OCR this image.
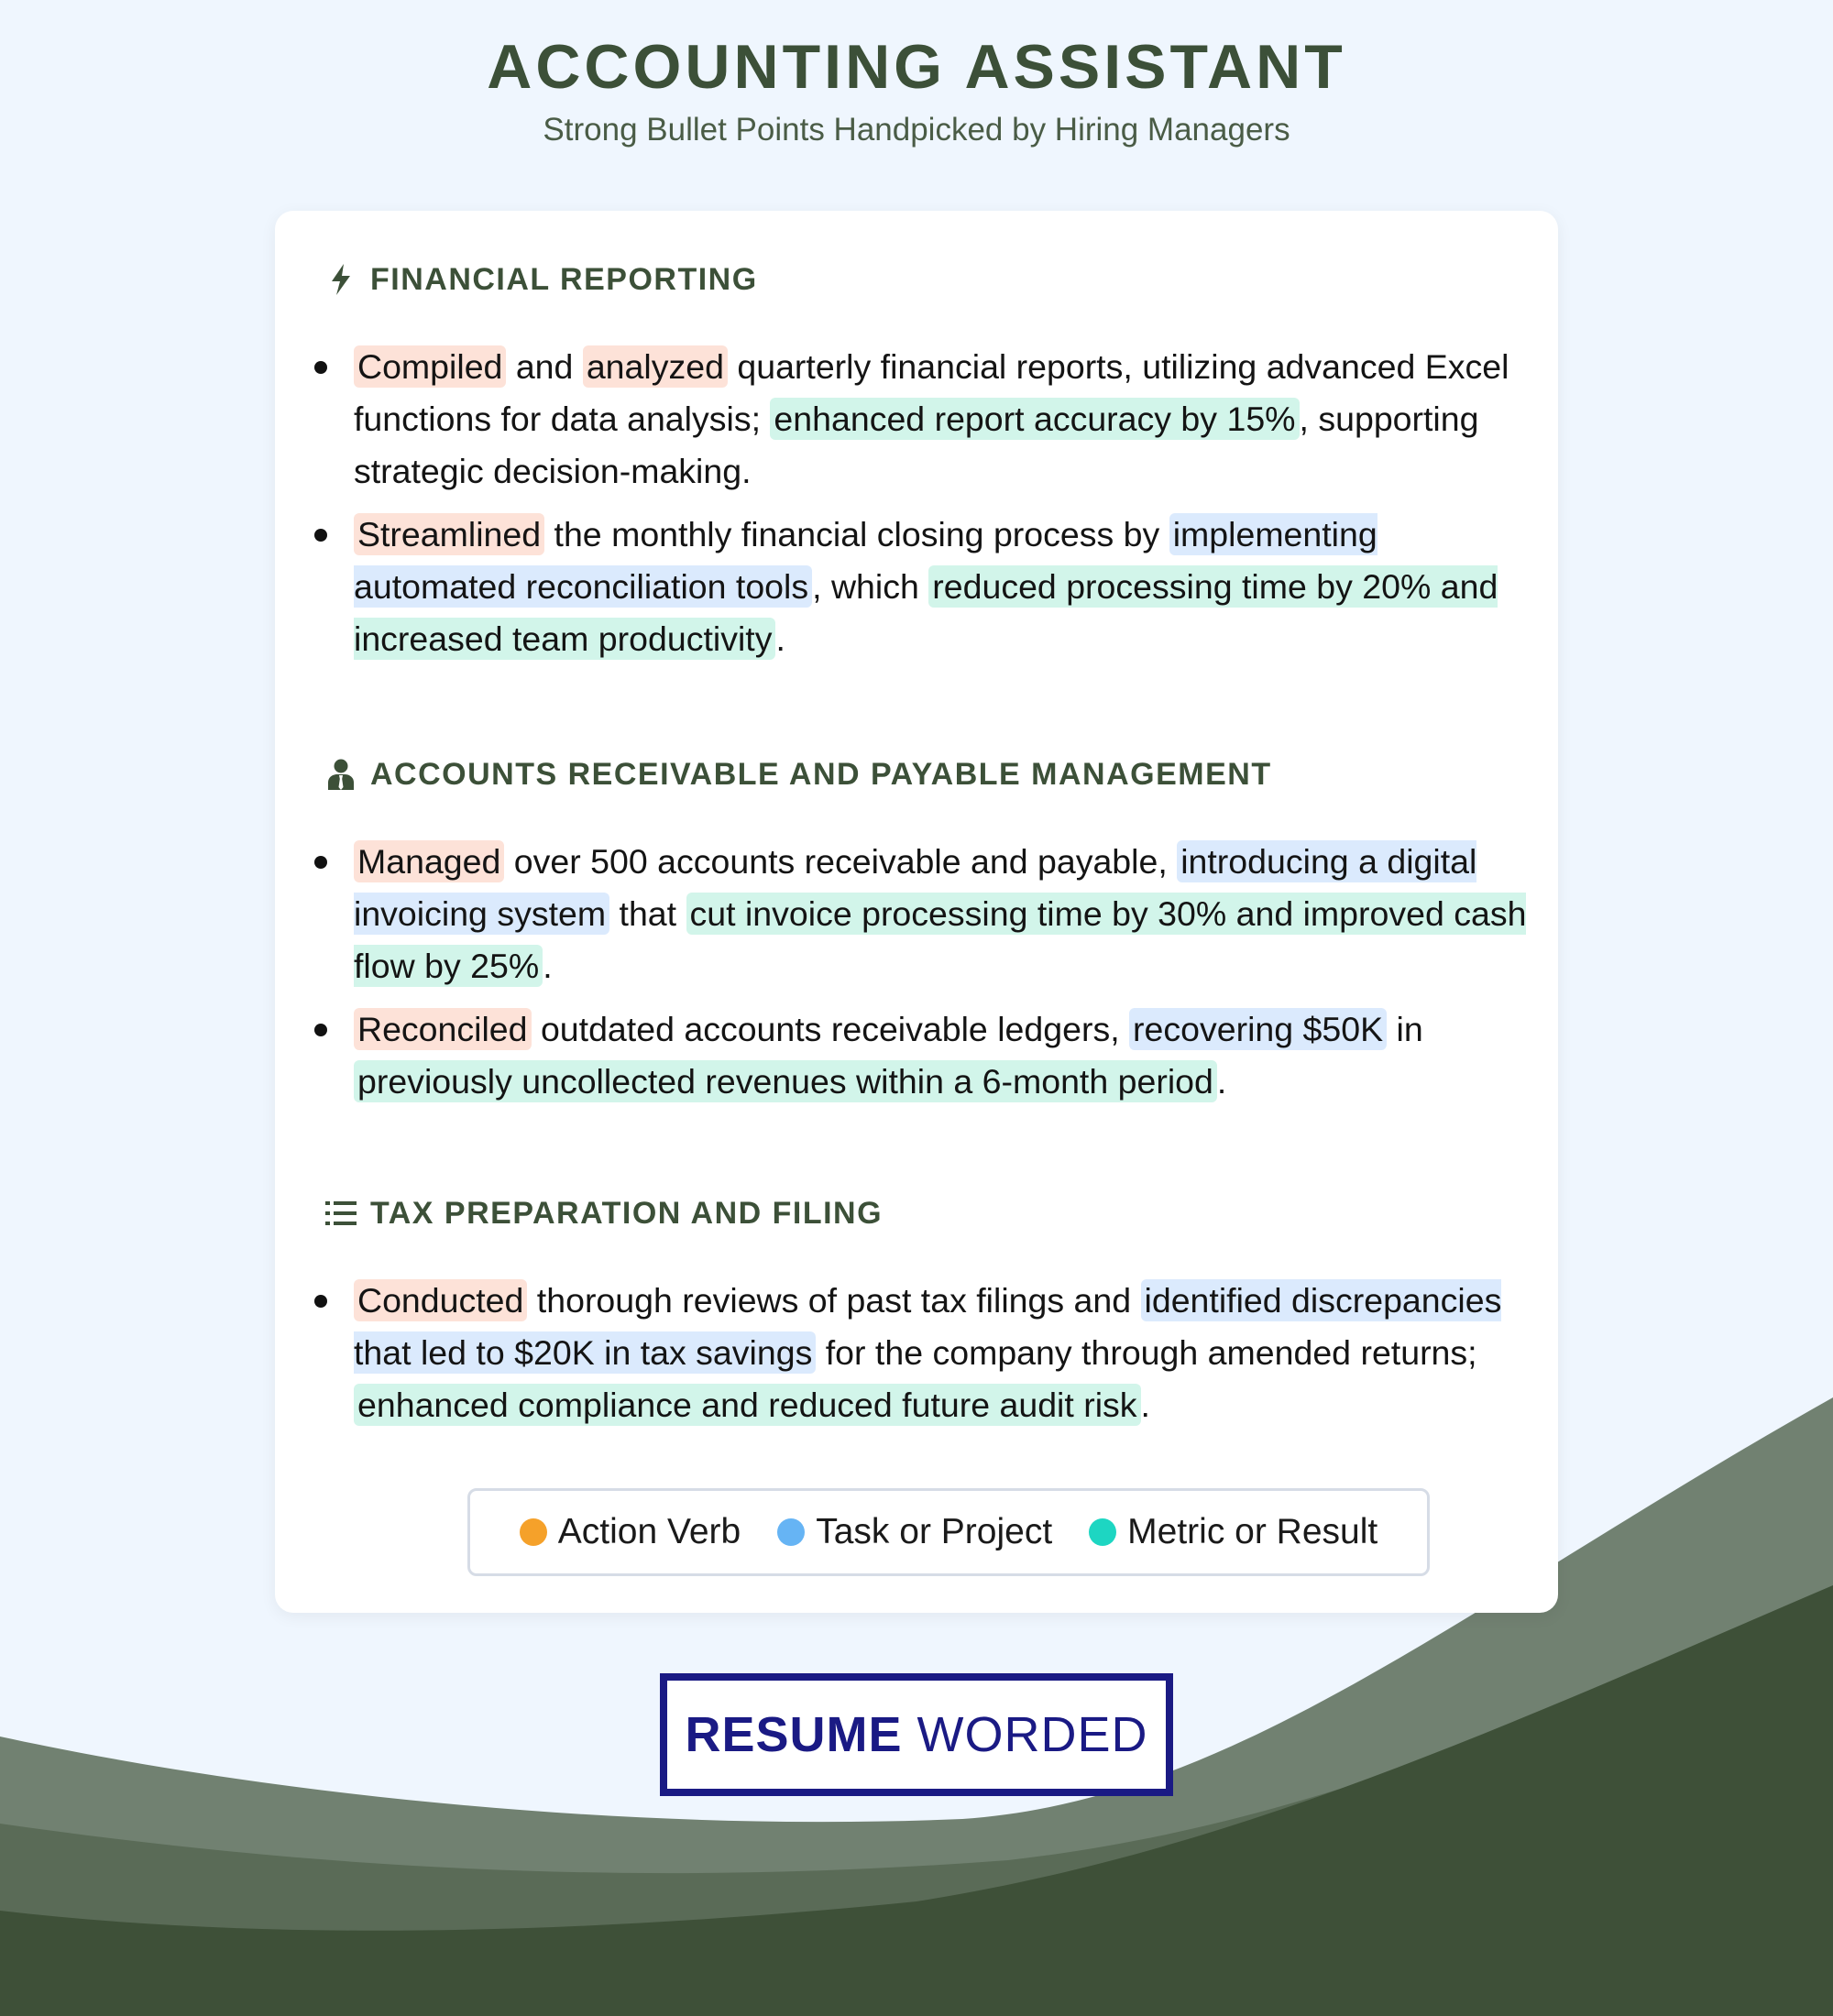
ACCOUNTING ASSISTANT
Strong Bullet Points Handpicked by Hiring Managers
FINANCIAL REPORTING
Compiled and analyzed quarterly financial reports, utilizing advanced Excel functions for data analysis; enhanced report accuracy by 15% , supporting strategic decision-making.
Streamlined the monthly financial closing process by implementing automated reconciliation tools , which reduced processing time by 20% and increased team productivity .
ACCOUNTS RECEIVABLE AND PAYABLE MANAGEMENT
Managed over 500 accounts receivable and payable, introducing a digital invoicing system that cut invoice processing time by 30% and improved cash flow by 25% .
Reconciled outdated accounts receivable ledgers, recovering $50K in previously uncollected revenues within a 6-month period .
TAX PREPARATION AND FILING
Conducted thorough reviews of past tax filings and identified discrepancies that led to $20K in tax savings for the company through amended returns; enhanced compliance and reduced future audit risk .
Action Verb Task or Project Metric or Result
RESUME WORDED
